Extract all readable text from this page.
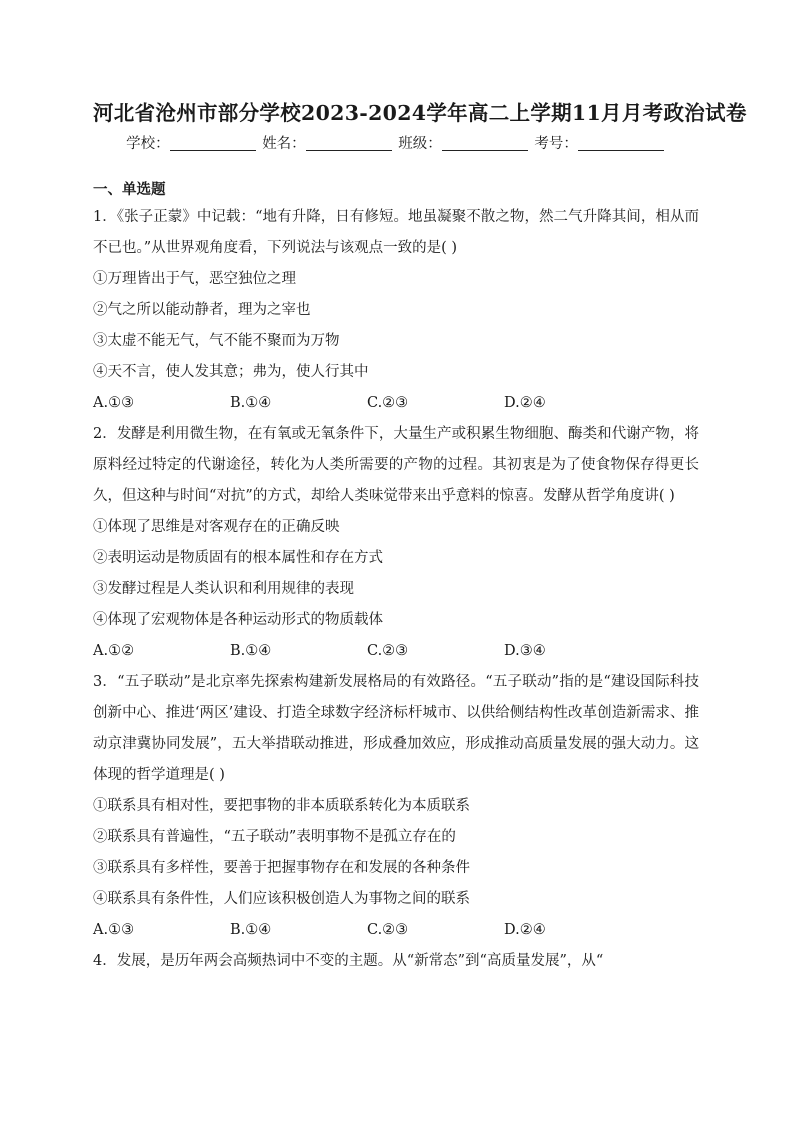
河北省沧州市部分学校2023-2024学年高二上学期11月月考政治试卷
学校：	姓名：	班级：	考号：
一、单选题
1．《张子正蒙》中记载：“地有升降，日有修短。地虽凝聚不散之物，然二气升降其间，相从而不已也。”从世界观角度看，下列说法与该观点一致的是( )
①万理皆出于气，恶空独位之理
②气之所以能动静者，理为之宰也
③太虚不能无气，气不能不聚而为万物
④天不言，使人发其意；弗为，使人行其中
A.①③	B.①④	C.②③	D.②④
2．发酵是利用微生物，在有氧或无氧条件下，大量生产或积累生物细胞、酶类和代谢产物，将原料经过特定的代谢途径，转化为人类所需要的产物的过程。其初衷是为了使食物保存得更长久，但这种与时间“对抗”的方式，却给人类味觉带来出乎意料的惊喜。发酵从哲学角度讲( )
①体现了思维是对客观存在的正确反映
②表明运动是物质固有的根本属性和存在方式
③发酵过程是人类认识和利用规律的表现
④体现了宏观物体是各种运动形式的物质载体
A.①②	B.①④	C.②③	D.③④
3．“五子联动”是北京率先探索构建新发展格局的有效路径。“五子联动”指的是“建设国际科技创新中心、推进‘两区’建设、打造全球数字经济标杆城市、以供给侧结构性改革创造新需求、推动京津冀协同发展”，五大举措联动推进，形成叠加效应，形成推动高质量发展的强大动力。这体现的哲学道理是( )
①联系具有相对性，要把事物的非本质联系转化为本质联系
②联系具有普遍性，“五子联动”表明事物不是孤立存在的
③联系具有多样性，要善于把握事物存在和发展的各种条件
④联系具有条件性，人们应该积极创造人为事物之间的联系
A.①③	B.①④	C.②③	D.②④
4．发展，是历年两会高频热词中不变的主题。从“新常态”到“高质量发展”，从“
